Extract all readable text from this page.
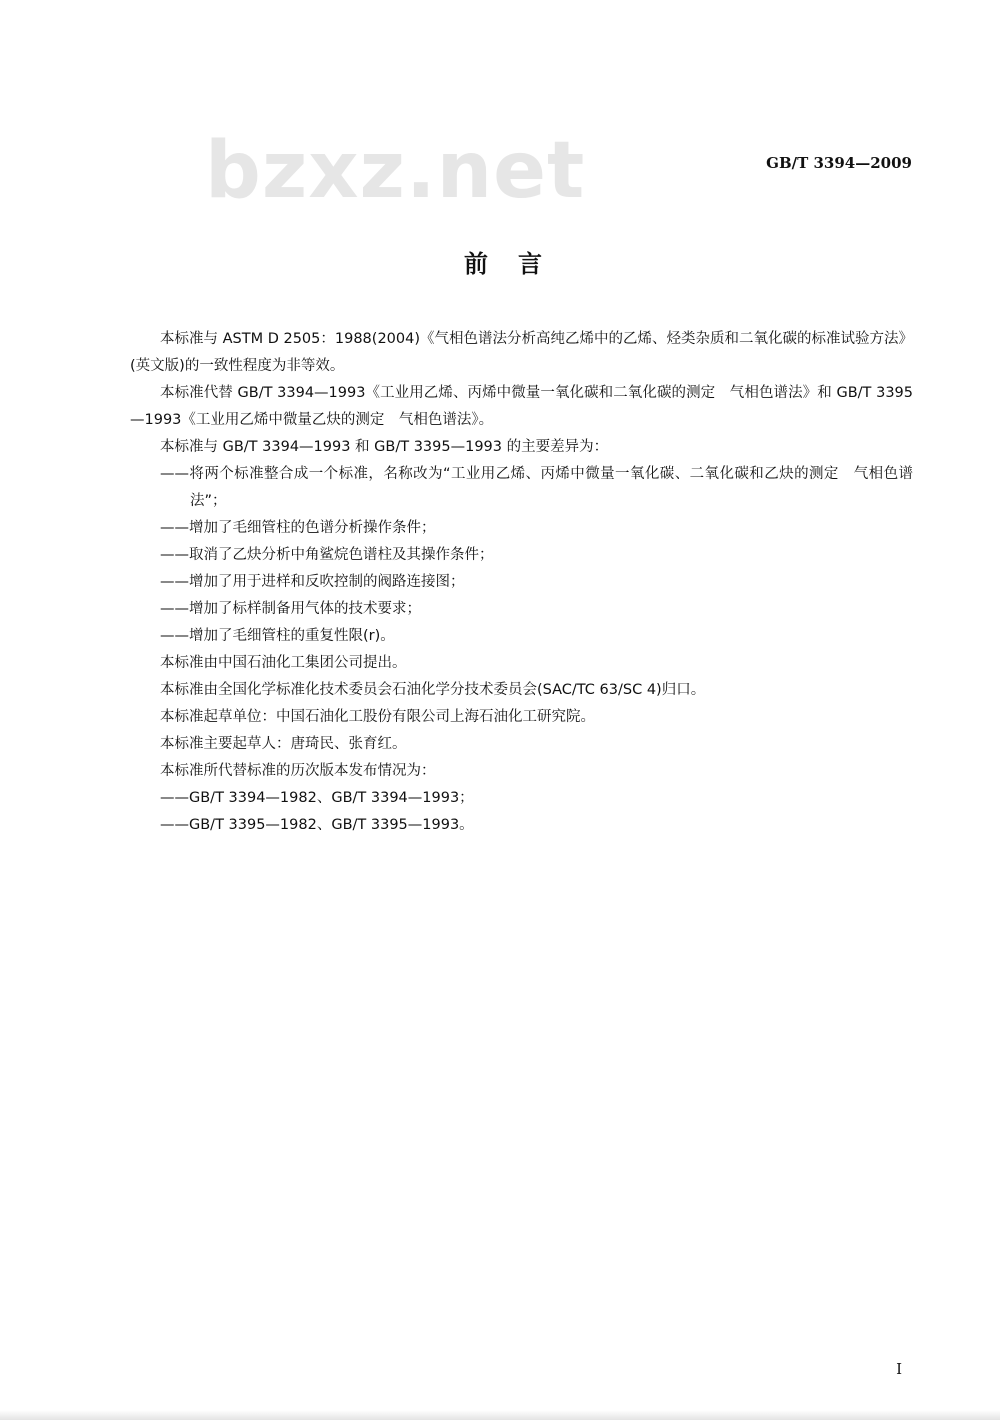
bzxz.net	GB/T 3394—2009
前言

本标准与 ASTM D 2505：1988(2004)《气相色谱法分析高纯乙烯中的乙烯、烃类杂质和二氧化碳的标准试验方法》(英文版)的一致性程度为非等效。

本标准代替 GB/T 3394—1993《工业用乙烯、丙烯中微量一氧化碳和二氧化碳的测定　气相色谱法》和 GB/T 3395—1993《工业用乙烯中微量乙炔的测定　气相色谱法》。

本标准与 GB/T 3394—1993 和 GB/T 3395—1993 的主要差异为：

——将两个标准整合成一个标准，名称改为“工业用乙烯、丙烯中微量一氧化碳、二氧化碳和乙炔的测定　气相色谱法”；

——增加了毛细管柱的色谱分析操作条件；

——取消了乙炔分析中角鲨烷色谱柱及其操作条件；

——增加了用于进样和反吹控制的阀路连接图；

——增加了标样制备用气体的技术要求；

——增加了毛细管柱的重复性限(r)。

本标准由中国石油化工集团公司提出。

本标准由全国化学标准化技术委员会石油化学分技术委员会(SAC/TC 63/SC 4)归口。

本标准起草单位：中国石油化工股份有限公司上海石油化工研究院。

本标准主要起草人：唐琦民、张育红。

本标准所代替标准的历次版本发布情况为：

——GB/T 3394—1982、GB/T 3394—1993；

——GB/T 3395—1982、GB/T 3395—1993。

I
